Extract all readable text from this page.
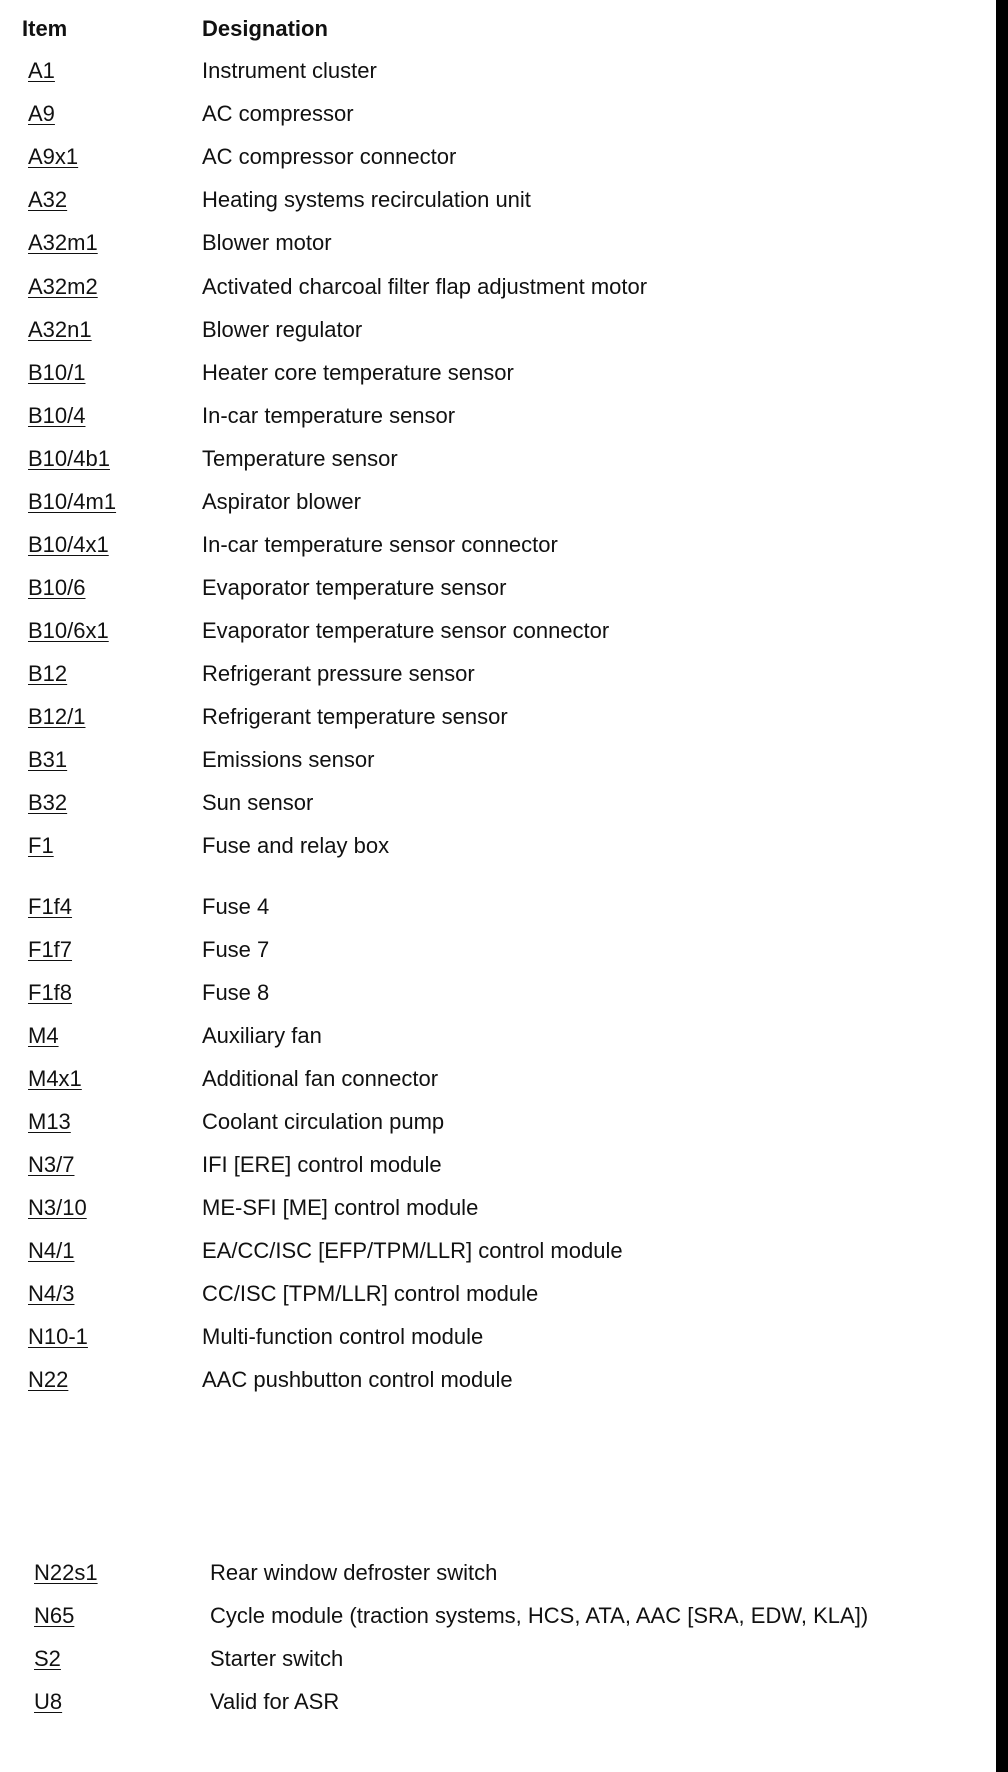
Item	Designation
A1	Instrument cluster
A9	AC compressor
A9x1	AC compressor connector
A32	Heating systems recirculation unit
A32m1	Blower motor
A32m2	Activated charcoal filter flap adjustment motor
A32n1	Blower regulator
B10/1	Heater core temperature sensor
B10/4	In-car temperature sensor
B10/4b1	Temperature sensor
B10/4m1	Aspirator blower
B10/4x1	In-car temperature sensor connector
B10/6	Evaporator temperature sensor
B10/6x1	Evaporator temperature sensor connector
B12	Refrigerant pressure sensor
B12/1	Refrigerant temperature sensor
B31	Emissions sensor
B32	Sun sensor
F1	Fuse and relay box
F1f4	Fuse 4
F1f7	Fuse 7
F1f8	Fuse 8
M4	Auxiliary fan
M4x1	Additional fan connector
M13	Coolant circulation pump
N3/7	IFI [ERE] control module
N3/10	ME-SFI [ME] control module
N4/1	EA/CC/ISC [EFP/TPM/LLR] control module
N4/3	CC/ISC [TPM/LLR] control module
N10-1	Multi-function control module
N22	AAC pushbutton control module
N22s1	Rear window defroster switch
N65	Cycle module (traction systems, HCS, ATA, AAC [SRA, EDW, KLA])
S2	Starter switch
U8	Valid for ASR
